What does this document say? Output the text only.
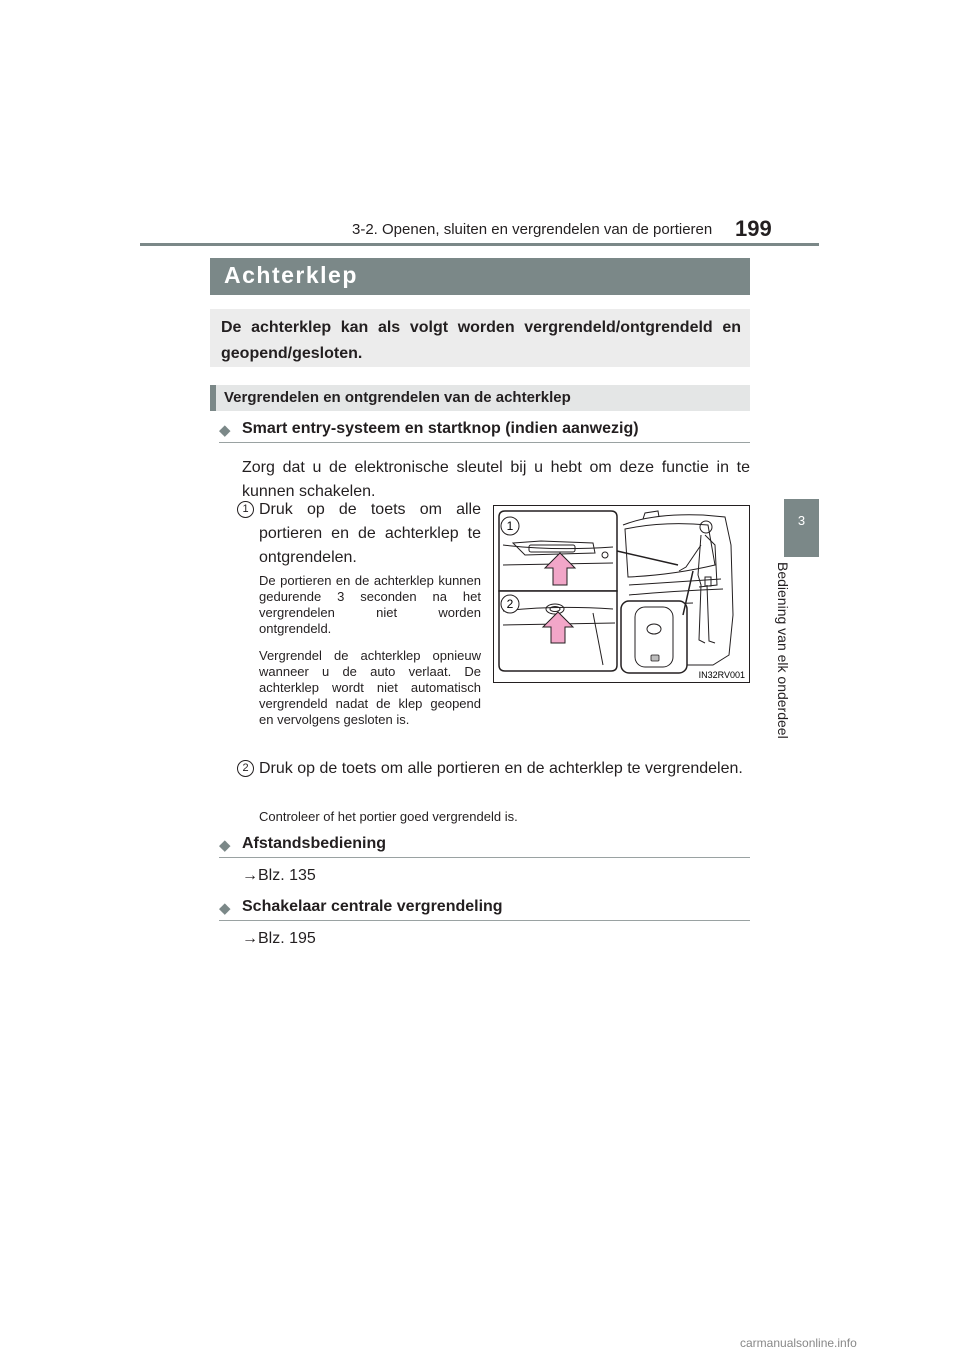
3-2. Openen, sluiten en vergrendelen van de portieren 199
3
Bediening van elk onderdeel
Achterklep

De achterklep kan als volgt worden vergrendeld/ontgrendeld en geopend/gesloten.

Vergrendelen en ontgrendelen van de achterklep
◆ Smart entry-systeem en startknop (indien aanwezig)

Zorg dat u de elektronische sleutel bij u hebt om deze functie in te kunnen schakelen.

1 Druk op de toets om alle portieren en de achterklep te ontgrendelen.

De portieren en de achterklep kunnen gedurende 3 seconden na het vergrendelen niet worden ontgrendeld.

Vergrendel de achterklep opnieuw wanneer u de auto verlaat. De achterklep wordt niet automatisch vergrendeld nadat de klep geopend en vervolgens gesloten is.

1
2
IN32RV001
2 Druk op de toets om alle portieren en de achterklep te vergrendelen.

Controleer of het portier goed vergrendeld is.

◆ Afstandsbediening
→Blz. 135
◆ Schakelaar centrale vergrendeling
→Blz. 195
carmanualsonline.info
